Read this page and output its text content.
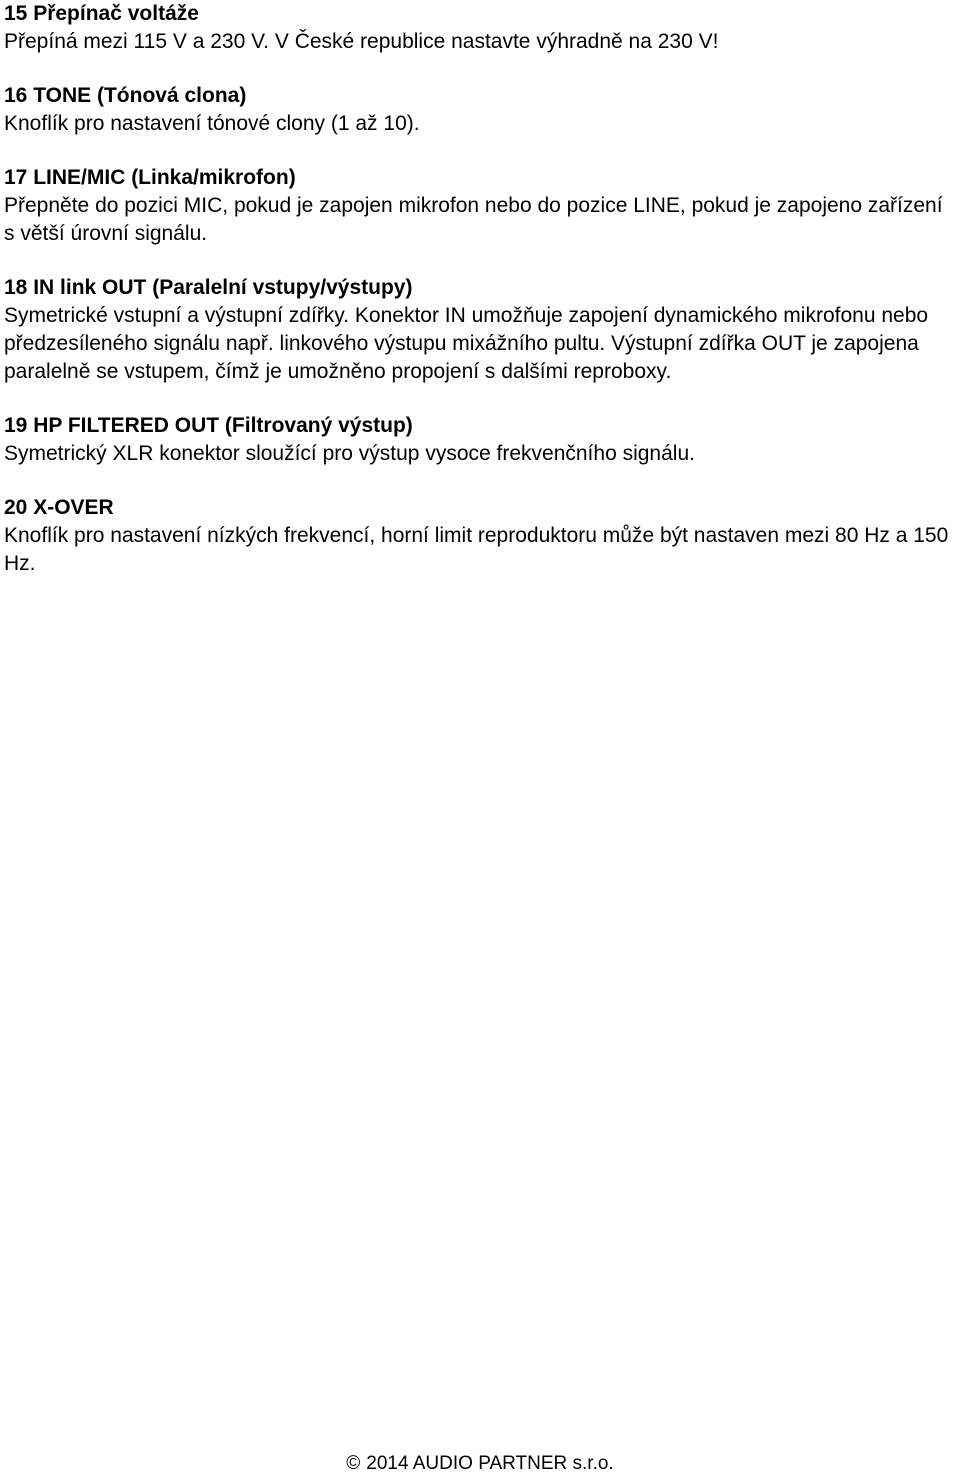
15 Přepínač voltáže

Přepíná mezi 115 V a 230 V. V České republice nastavte výhradně na 230 V!

16 TONE (Tónová clona)

Knoflík pro nastavení tónové clony (1 až 10).

17 LINE/MIC (Linka/mikrofon)

Přepněte do pozici MIC, pokud je zapojen mikrofon nebo do pozice LINE, pokud je zapojeno zařízení s větší úrovní signálu.

18 IN link OUT (Paralelní vstupy/výstupy)

Symetrické vstupní a výstupní zdířky. Konektor IN umožňuje zapojení dynamického mikrofonu nebo předzesíleného signálu např. linkového výstupu mixážního pultu. Výstupní zdířka OUT je zapojena paralelně se vstupem, čímž je umožněno propojení s dalšími reproboxy.

19 HP FILTERED OUT (Filtrovaný výstup)

Symetrický XLR konektor sloužící pro výstup vysoce frekvenčního signálu.

20 X-OVER

Knoflík pro nastavení nízkých frekvencí, horní limit reproduktoru může být nastaven mezi 80 Hz a 150 Hz.

© 2014 AUDIO PARTNER s.r.o.
